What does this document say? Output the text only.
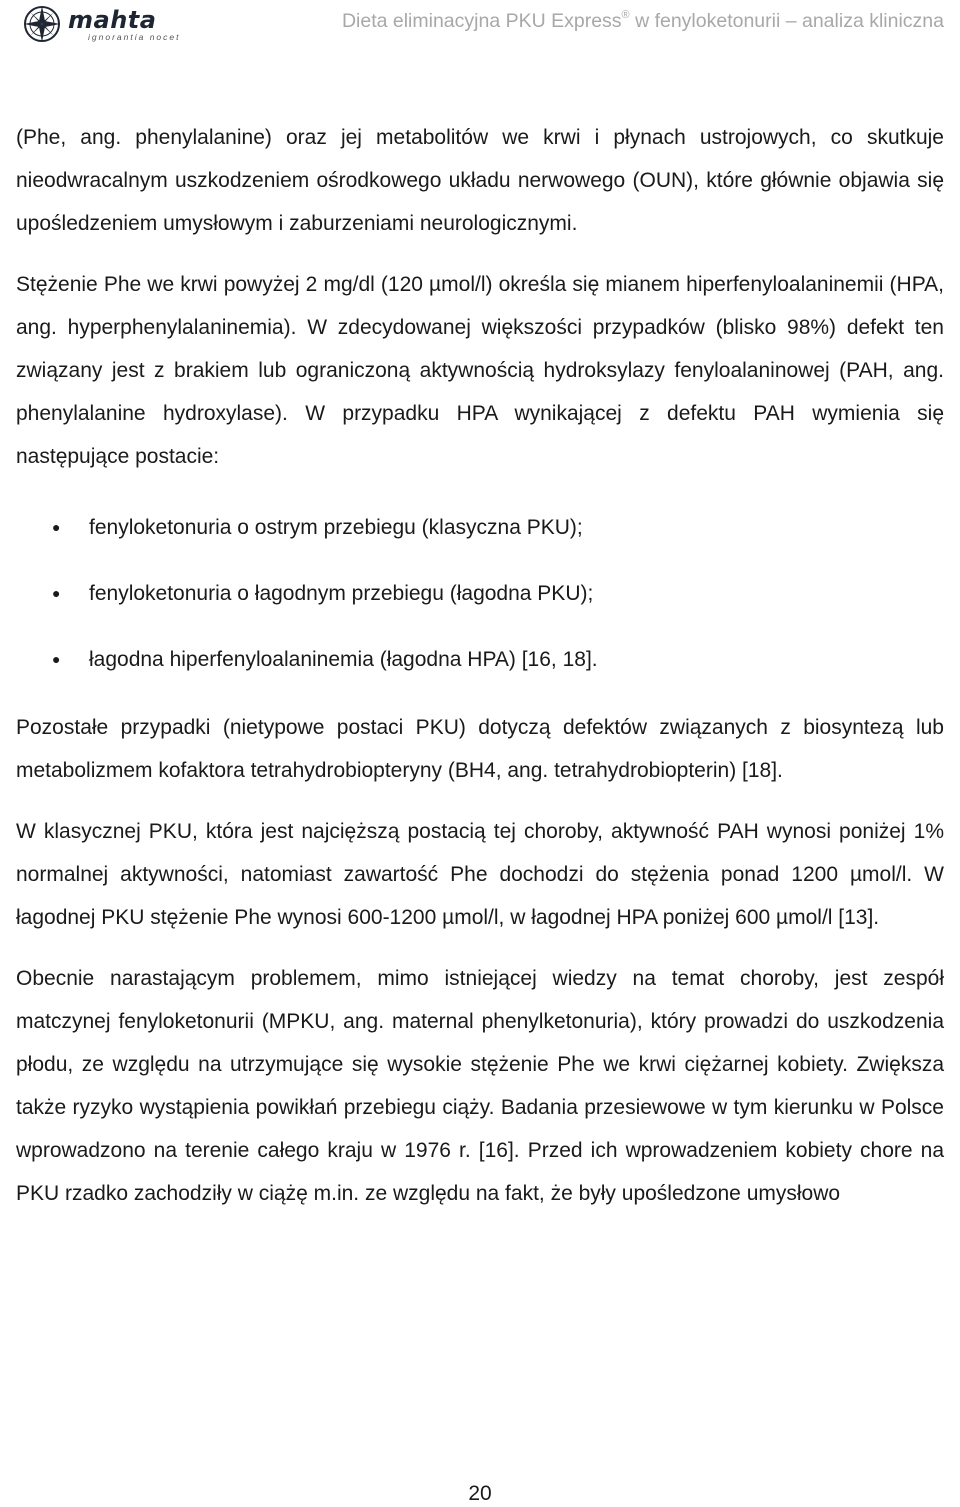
mahta
ignorantia nocet
Dieta eliminacyjna PKU Express® w fenyloketonurii – analiza kliniczna

(Phe, ang. phenylalanine) oraz jej metabolitów we krwi i płynach ustrojowych, co skutkuje nieodwracalnym uszkodzeniem ośrodkowego układu nerwowego (OUN), które głównie objawia się upośledzeniem umysłowym i zaburzeniami neurologicznymi.

Stężenie Phe we krwi powyżej 2 mg/dl (120 µmol/l) określa się mianem hiperfenyloalaninemii (HPA, ang. hyperphenylalaninemia). W zdecydowanej większości przypadków (blisko 98%) defekt ten związany jest z brakiem lub ograniczoną aktywnością hydroksylazy fenyloalaninowej (PAH, ang. phenylalanine hydroxylase). W przypadku HPA wynikającej z defektu PAH wymienia się następujące postacie:

● fenyloketonuria o ostrym przebiegu (klasyczna PKU);
● fenyloketonuria o łagodnym przebiegu (łagodna PKU);
● łagodna hiperfenyloalaninemia (łagodna HPA) [16, 18].

Pozostałe przypadki (nietypowe postaci PKU) dotyczą defektów związanych z biosyntezą lub metabolizmem kofaktora tetrahydrobiopteryny (BH4, ang. tetrahydrobiopterin) [18].

W klasycznej PKU, która jest najcięższą postacią tej choroby, aktywność PAH wynosi poniżej 1% normalnej aktywności, natomiast zawartość Phe dochodzi do stężenia ponad 1200 µmol/l. W łagodnej PKU stężenie Phe wynosi 600-1200 µmol/l, w łagodnej HPA poniżej 600 µmol/l [13].

Obecnie narastającym problemem, mimo istniejącej wiedzy na temat choroby, jest zespół matczynej fenyloketonurii (MPKU, ang. maternal phenylketonuria), który prowadzi do uszkodzenia płodu, ze względu na utrzymujące się wysokie stężenie Phe we krwi ciężarnej kobiety. Zwiększa także ryzyko wystąpienia powikłań przebiegu ciąży. Badania przesiewowe w tym kierunku w Polsce wprowadzono na terenie całego kraju w 1976 r. [16]. Przed ich wprowadzeniem kobiety chore na PKU rzadko zachodziły w ciążę m.in. ze względu na fakt, że były upośledzone umysłowo

20
